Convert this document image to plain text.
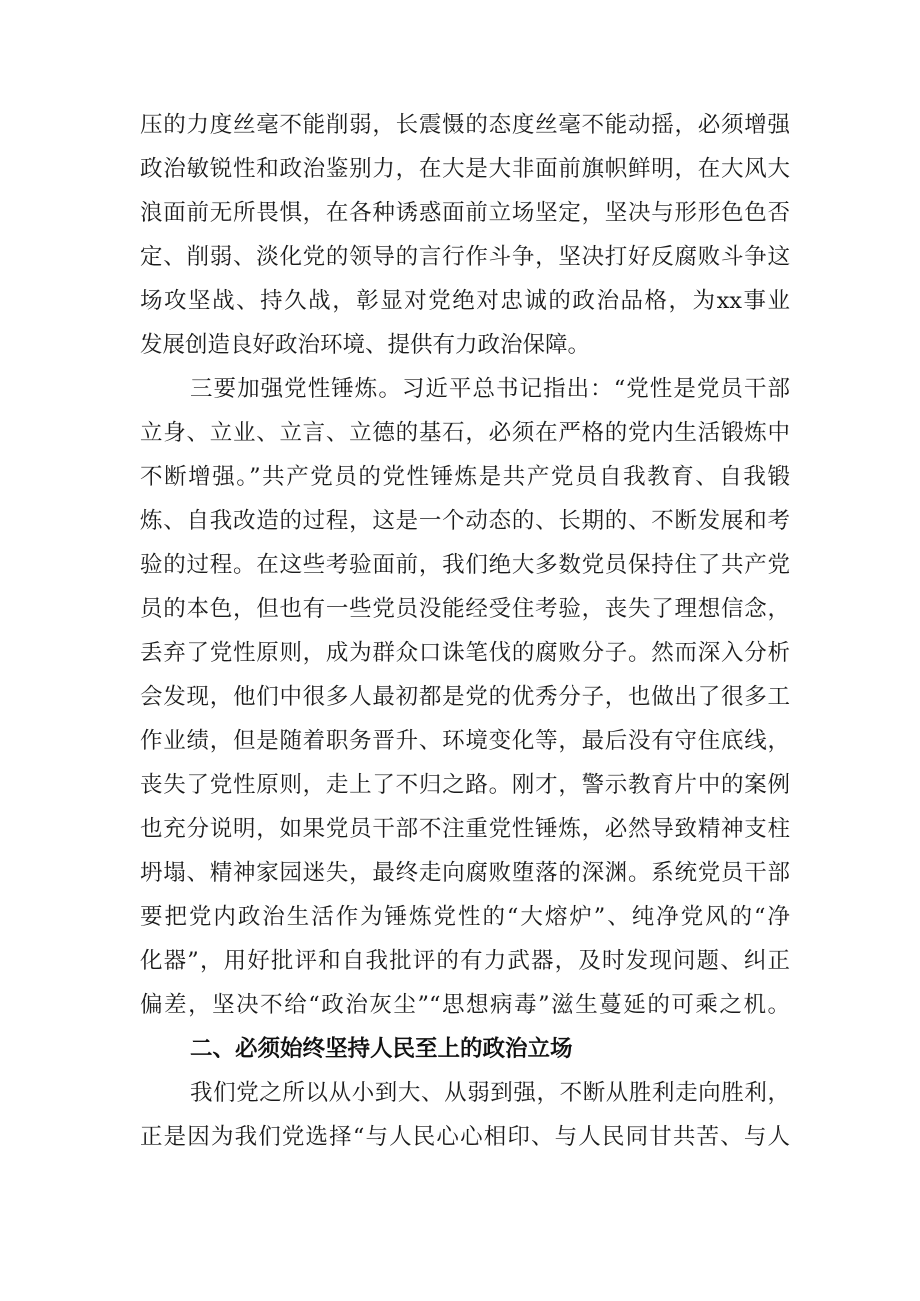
压的力度丝毫不能削弱，长震慑的态度丝毫不能动摇，必须增强
政治敏锐性和政治鉴别力，在大是大非面前旗帜鲜明，在大风大
浪面前无所畏惧，在各种诱惑面前立场坚定，坚决与形形色色否
定、削弱、淡化党的领导的言行作斗争，坚决打好反腐败斗争这
场攻坚战、持久战，彰显对党绝对忠诚的政治品格，为xx事业
发展创造良好政治环境、提供有力政治保障。
三要加强党性锤炼。习近平总书记指出：“党性是党员干部
立身、立业、立言、立德的基石，必须在严格的党内生活锻炼中
不断增强。”共产党员的党性锤炼是共产党员自我教育、自我锻
炼、自我改造的过程，这是一个动态的、长期的、不断发展和考
验的过程。在这些考验面前，我们绝大多数党员保持住了共产党
员的本色，但也有一些党员没能经受住考验，丧失了理想信念，
丢弃了党性原则，成为群众口诛笔伐的腐败分子。然而深入分析
会发现，他们中很多人最初都是党的优秀分子，也做出了很多工
作业绩，但是随着职务晋升、环境变化等，最后没有守住底线，
丧失了党性原则，走上了不归之路。刚才，警示教育片中的案例
也充分说明，如果党员干部不注重党性锤炼，必然导致精神支柱
坍塌、精神家园迷失，最终走向腐败堕落的深渊。系统党员干部
要把党内政治生活作为锤炼党性的“大熔炉”、纯净党风的“净
化器”，用好批评和自我批评的有力武器，及时发现问题、纠正
偏差，坚决不给“政治灰尘”“思想病毒”滋生蔓延的可乘之机。
二、必须始终坚持人民至上的政治立场
我们党之所以从小到大、从弱到强，不断从胜利走向胜利，
正是因为我们党选择“与人民心心相印、与人民同甘共苦、与人
